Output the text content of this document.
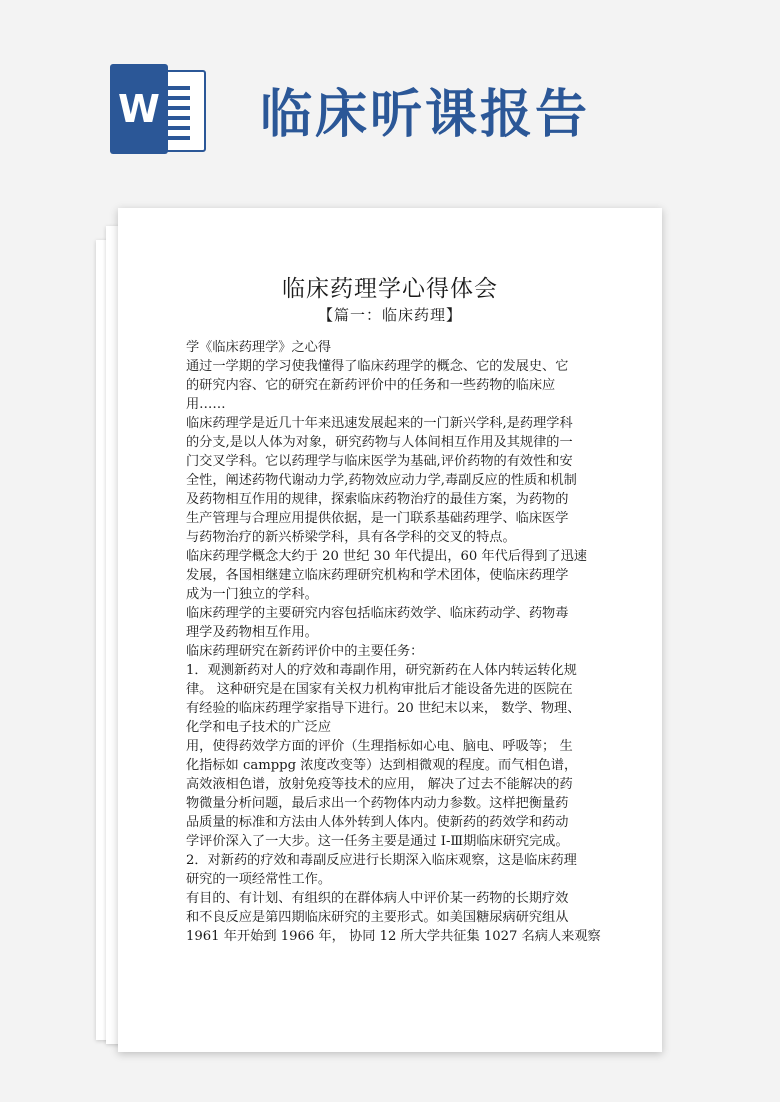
W 临床听课报告
临床药理学心得体会
【篇一：临床药理】
学《临床药理学》之心得
通过一学期的学习使我懂得了临床药理学的概念、它的发展史、它
的研究内容、它的研究在新药评价中的任务和一些药物的临床应
用……
临床药理学是近几十年来迅速发展起来的一门新兴学科,是药理学科
的分支,是以人体为对象，研究药物与人体间相互作用及其规律的一
门交叉学科。它以药理学与临床医学为基础,评价药物的有效性和安
全性，阐述药物代谢动力学,药物效应动力学,毒副反应的性质和机制
及药物相互作用的规律，探索临床药物治疗的最佳方案，为药物的
生产管理与合理应用提供依据，是一门联系基础药理学、临床医学
与药物治疗的新兴桥梁学科，具有各学科的交叉的特点。
临床药理学概念大约于 20 世纪 30 年代提出，60 年代后得到了迅速
发展，各国相继建立临床药理研究机构和学术团体，使临床药理学
成为一门独立的学科。
临床药理学的主要研究内容包括临床药效学、临床药动学、药物毒
理学及药物相互作用。
临床药理研究在新药评价中的主要任务：
1．观测新药对人的疗效和毒副作用，研究新药在人体内转运转化规
律。 这种研究是在国家有关权力机构审批后才能设备先进的医院在
有经验的临床药理学家指导下进行。20 世纪末以来， 数学、物理、
化学和电子技术的广泛应
用，使得药效学方面的评价（生理指标如心电、脑电、呼吸等； 生
化指标如 camppg 浓度改变等）达到相微观的程度。而气相色谱，
高效液相色谱，放射免疫等技术的应用， 解决了过去不能解决的药
物微量分析问题，最后求出一个药物体内动力参数。这样把衡量药
品质量的标准和方法由人体外转到人体内。使新药的药效学和药动
学评价深入了一大步。这一任务主要是通过 Ⅰ-Ⅲ期临床研究完成。
2．对新药的疗效和毒副反应进行长期深入临床观察，这是临床药理
研究的一项经常性工作。
有目的、有计划、有组织的在群体病人中评价某一药物的长期疗效
和不良反应是第四期临床研究的主要形式。如美国糖尿病研究组从
1961 年开始到 1966 年， 协同 12 所大学共征集 1027 名病人来观察
